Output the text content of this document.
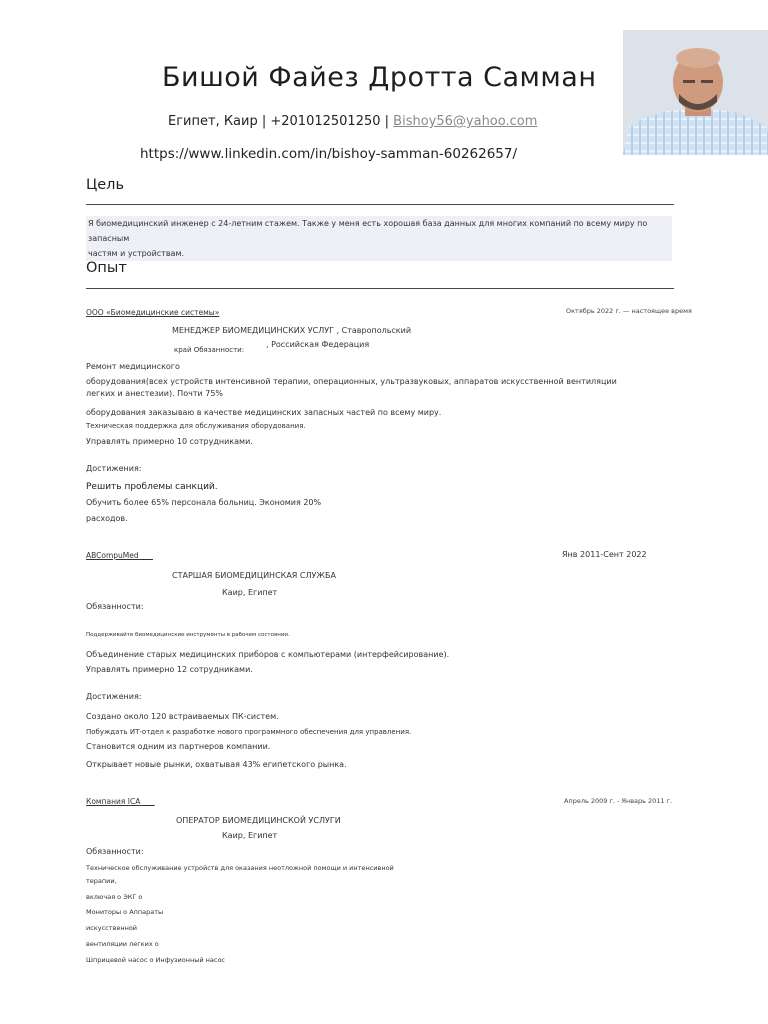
Бишой Файез Дротта Самман
Египет, Каир | +201012501250 | Bishoy56@yahoo.com
https://www.linkedin.com/in/bishoy-samman-60262657/
Цель
Я биомедицинский инженер с 24-летним стажем. Также у меня есть хорошая база данных для многих компаний по всему миру по запасным
частям и устройствам.
Опыт
ООО «Биомедицинские системы»	Октябрь 2022 г. — настоящее время
МЕНЕДЖЕР БИОМЕДИЦИНСКИХ УСЛУГ , Ставропольский
край Обязанности:
, Российская Федерация
Ремонт медицинского
оборудования(всех устройств интенсивной терапии, операционных, ультразвуковых, аппаратов искусственной вентиляции
легких и анестезии). Почти 75%
оборудования заказываю в качестве медицинских запасных частей по всему миру.
Техническая поддержка для обслуживания оборудования.
Управлять примерно 10 сотрудниками.
Достижения:
Решить проблемы санкций.
Обучить более 65% персонала больниц. Экономия 20%
расходов.
ABCompuMed	Янв 2011-Сент 2022
СТАРШАЯ БИОМЕДИЦИНСКАЯ СЛУЖБА
Каир, Египет
Обязанности:
Поддерживайте биомедицинские инструменты в рабочем состоянии.
Объединение старых медицинских приборов с компьютерами (интерфейсирование).
Управлять примерно 12 сотрудниками.
Достижения:
Создано около 120 встраиваемых ПК-систем.
Побуждать ИТ-отдел к разработке нового программного обеспечения для управления.
Становится одним из партнеров компании.
Открывает новые рынки, охватывая 43% египетского рынка.
Компания ICA	Апрель 2009 г. - Январь 2011 г.
ОПЕРАТОР БИОМЕДИЦИНСКОЙ УСЛУГИ
Каир, Египет
Обязанности:
Техническое обслуживание устройств для оказания неотложной помощи и интенсивной
терапии,
включая o ЭКГ o
Мониторы o Аппараты
искусственной
вентиляции легких o
Шприцевой насос o Инфузионный насос
